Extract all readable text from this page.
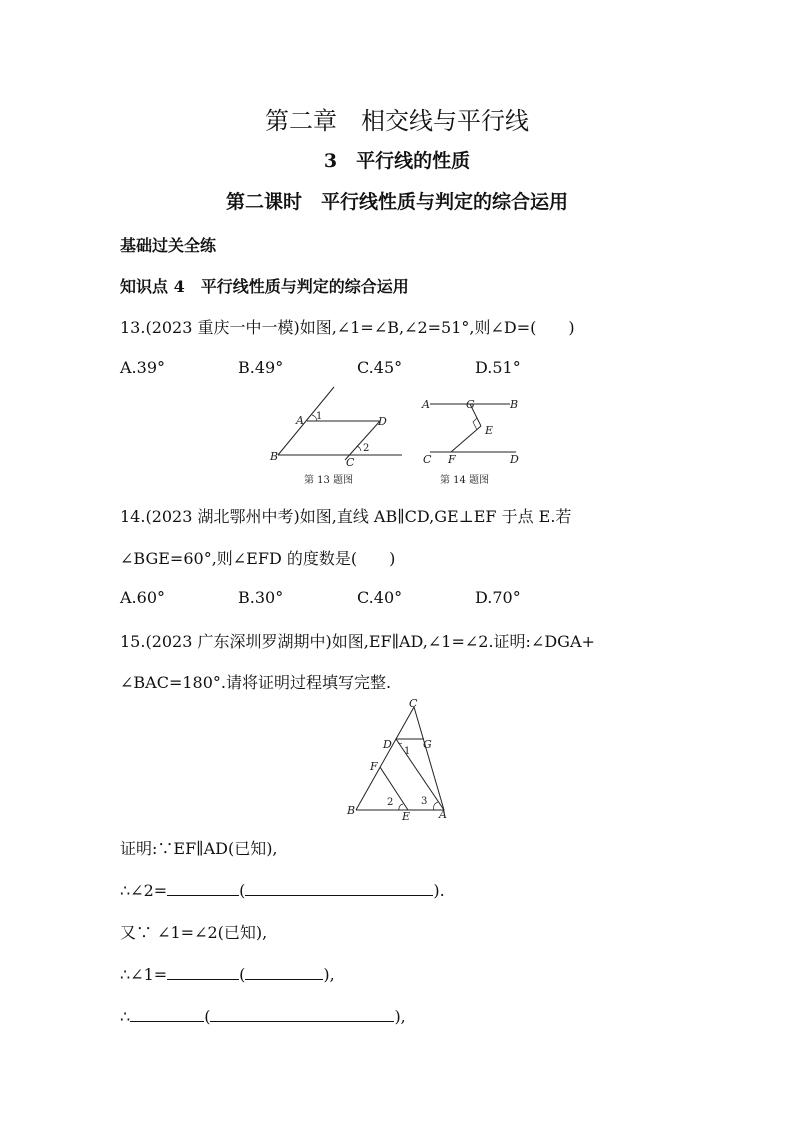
第二章　相交线与平行线
3　平行线的性质
第二课时　平行线性质与判定的综合运用
基础过关全练
知识点 4　平行线性质与判定的综合运用
13.(2023 重庆一中一模)如图,∠1=∠B,∠2=51°,则∠D=(　　)
A.39°	B.49°	C.45°	D.51°
A 1	D
2
B	C
第 13 题图
A	G	B
E
C F	D
第 14 题图
14.(2023 湖北鄂州中考)如图,直线 AB∥CD,GE⊥EF 于点 E.若
∠BGE=60°,则∠EFD 的度数是(　　)
A.60°	B.30°	C.40°	D.70°
15.(2023 广东深圳罗湖期中)如图,EF∥AD,∠1=∠2.证明:∠DGA+
∠BAC=180°.请将证明过程填写完整.
C
D
1
G
F
2	3
B	E	A
证明:∵EF∥AD(已知),
∴∠2=	(	).
又∵ ∠1=∠2(已知),
∴∠1=	(	),
∴	(	),
